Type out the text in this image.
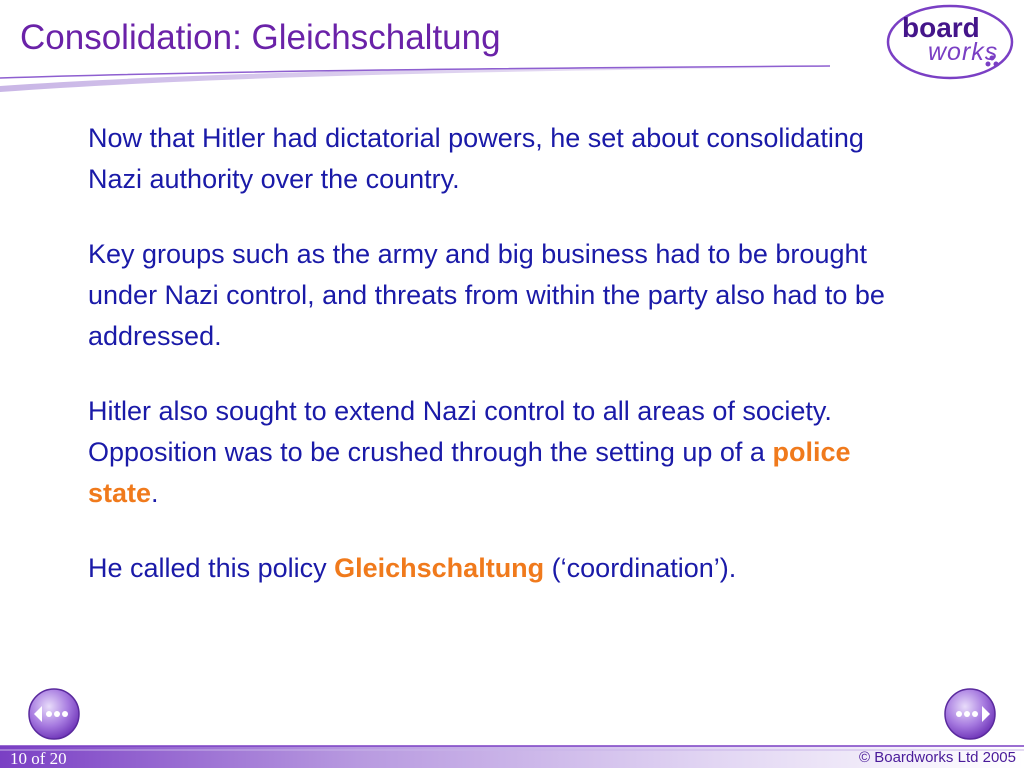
Consolidation: Gleichschaltung	board
works

Now that Hitler had dictatorial powers, he set about consolidating Nazi authority over the country.

Key groups such as the army and big business had to be brought under Nazi control, and threats from within the party also had to be addressed.

Hitler also sought to extend Nazi control to all areas of society. Opposition was to be crushed through the setting up of a police state.

He called this policy Gleichschaltung (‘coordination’).

10 of 20	© Boardworks Ltd 2005
